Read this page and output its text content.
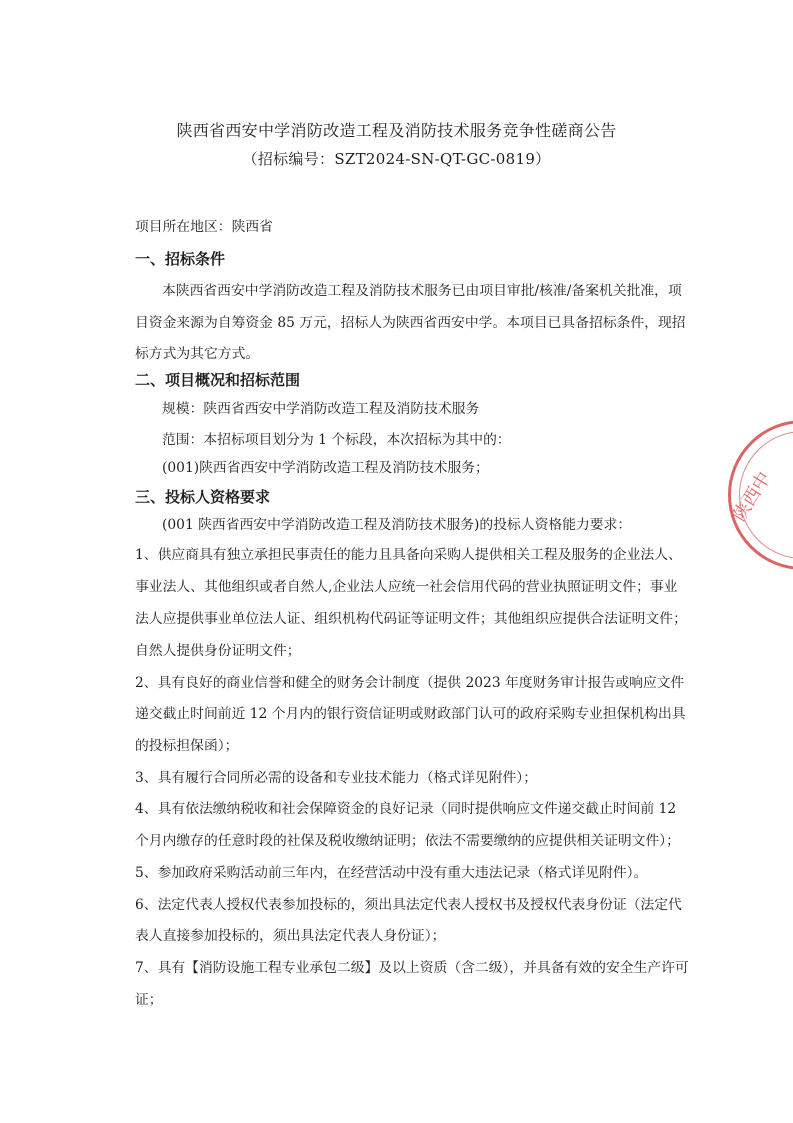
陕西省西安中学消防改造工程及消防技术服务竞争性磋商公告
（招标编号：SZT2024-SN-QT-GC-0819）
项目所在地区：陕西省
一、招标条件
本陕西省西安中学消防改造工程及消防技术服务已由项目审批/核准/备案机关批准，项
目资金来源为自筹资金 85 万元，招标人为陕西省西安中学。本项目已具备招标条件，现招
标方式为其它方式。
二、项目概况和招标范围
规模：陕西省西安中学消防改造工程及消防技术服务
范围：本招标项目划分为 1 个标段，本次招标为其中的：
(001)陕西省西安中学消防改造工程及消防技术服务；
三、投标人资格要求
(001 陕西省西安中学消防改造工程及消防技术服务)的投标人资格能力要求：
1、供应商具有独立承担民事责任的能力且具备向采购人提供相关工程及服务的企业法人、
事业法人、其他组织或者自然人,企业法人应统一社会信用代码的营业执照证明文件；事业
法人应提供事业单位法人证、组织机构代码证等证明文件；其他组织应提供合法证明文件；
自然人提供身份证明文件；
2、具有良好的商业信誉和健全的财务会计制度（提供 2023 年度财务审计报告或响应文件
递交截止时间前近 12 个月内的银行资信证明或财政部门认可的政府采购专业担保机构出具
的投标担保函）；
3、具有履行合同所必需的设备和专业技术能力（格式详见附件）；
4、具有依法缴纳税收和社会保障资金的良好记录（同时提供响应文件递交截止时间前 12
个月内缴存的任意时段的社保及税收缴纳证明；依法不需要缴纳的应提供相关证明文件）；
5、参加政府采购活动前三年内，在经营活动中没有重大违法记录（格式详见附件）。
6、法定代表人授权代表参加投标的，须出具法定代表人授权书及授权代表身份证（法定代
表人直接参加投标的，须出具法定代表人身份证）；
7、具有【消防设施工程专业承包二级】及以上资质（含二级），并具备有效的安全生产许可
证；
陕西中
